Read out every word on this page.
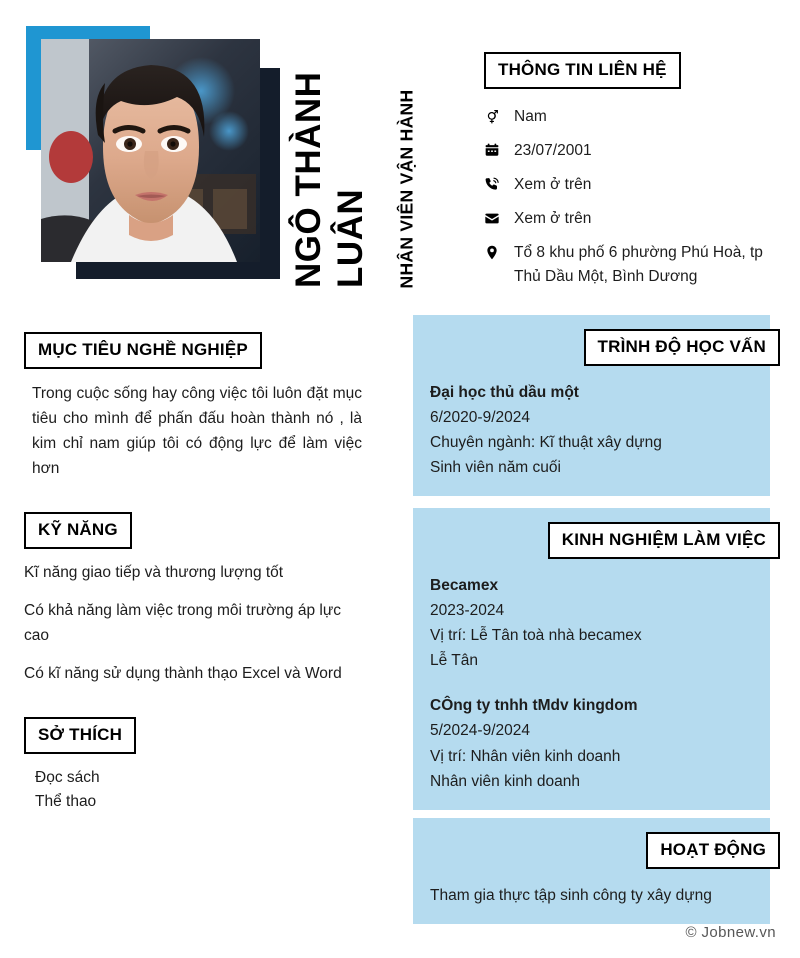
NGÔ THÀNH LUÂN NHÂN VIÊN VẬN HÀNH
THÔNG TIN LIÊN HỆ
Nam
23/07/2001
Xem ở trên
Xem ở trên
Tổ 8 khu phố 6 phường Phú Hoà, tp Thủ Dầu Một, Bình Dương
MỤC TIÊU NGHỀ NGHIỆP

Trong cuộc sống hay công việc tôi luôn đặt mục tiêu cho mình để phấn đấu hoàn thành nó , là kim chỉ nam giúp tôi có động lực để làm việc hơn

KỸ NĂNG
Kĩ năng giao tiếp và thương lượng tốt
Có khả năng làm việc trong môi trường áp lực cao
Có kĩ năng sử dụng thành thạo Excel và Word
SỞ THÍCH
Đọc sách
Thể thao
TRÌNH ĐỘ HỌC VẤN
Đại học thủ dầu một
6/2020-9/2024
Chuyên ngành: Kĩ thuật xây dựng
Sinh viên năm cuối
KINH NGHIỆM LÀM VIỆC
Becamex
2023-2024
Vị trí: Lễ Tân toà nhà becamex
Lễ Tân
CÔng ty tnhh tMdv kingdom
5/2024-9/2024
Vị trí: Nhân viên kinh doanh
Nhân viên kinh doanh
HOẠT ĐỘNG
Tham gia thực tập sinh công ty xây dựng
© Jobnew.vn
